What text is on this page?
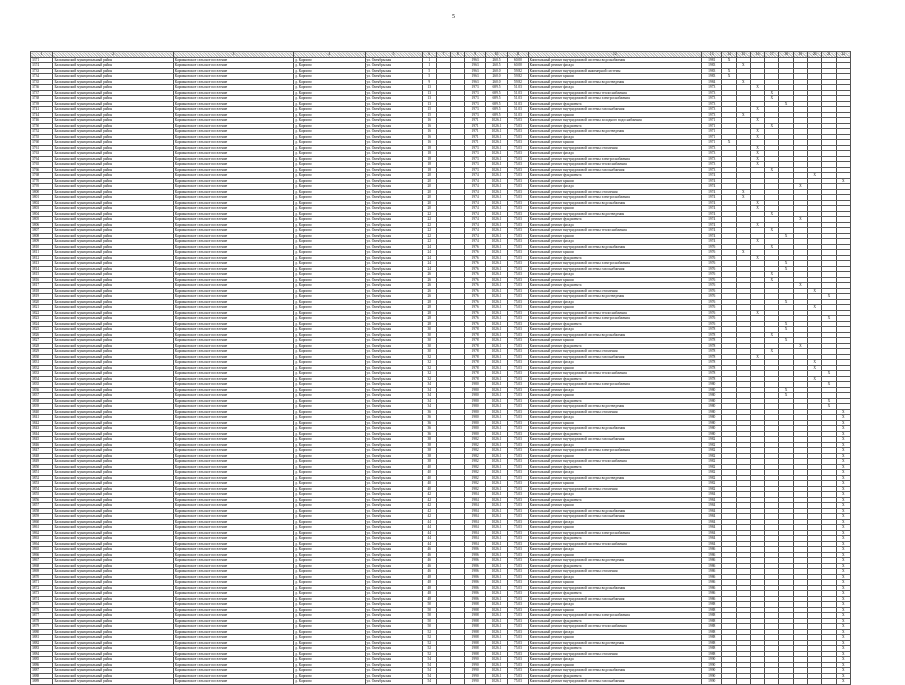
5
1	2	3	4	5	6	7	8	9	10	11	12	13	14	15	16	17	18	19	20	21	22
3371	Балахнинский муниципальный район	Кармановское сельское поселение	д. Карпово	ул. Октябрьская	1			1963	260.5	60.00	Капитальный ремонт внутридомовой системы водоснабжения	1981	X								
3374	Балахнинский муниципальный район	Кармановское сельское поселение	д. Карпово	ул. Октябрьская	1			1963	260.5	60.00	Капитальный ремонт фасада	1983		X							
3733	Балахнинский муниципальный район	Кармановское сельское поселение	д. Карпово	ул. Октябрьская	5			1963	260.0	59.82	Капитальный ремонт внутридомовой инженерной системы	1983	X								
3734	Балахнинский муниципальный район	Кармановское сельское поселение	д. Карпово	ул. Октябрьская	5			1963	260.0	59.82	Капитальный ремонт крыши	1983	X								
3735	Балахнинский муниципальный район	Кармановское сельское поселение	д. Карпово	ул. Октябрьская	9			1963	260.0	59.82	Капитальный ремонт внутридомовой системы водоотведения	1984		X							
3736	Балахнинский муниципальный район	Кармановское сельское поселение	д. Карпово	ул. Октябрьская	13			1973	689.5	51.03	Капитальный ремонт фасада	1973			X						
3737	Балахнинский муниципальный район	Кармановское сельское поселение	д. Карпово	ул. Октябрьская	13			1973	689.5	51.03	Капитальный ремонт внутридомовой системы теплоснабжения	1973				X					
3738	Балахнинский муниципальный район	Кармановское сельское поселение	д. Карпово	ул. Октябрьская	13			1973	689.5	51.03	Капитальный ремонт внутридомовой системы электроснабжения	1973				X					
3739	Балахнинский муниципальный район	Кармановское сельское поселение	д. Карпово	ул. Октябрьская	13			1973	689.5	51.03	Капитальный ремонт фундамента	1973					X				
3741	Балахнинский муниципальный район	Кармановское сельское поселение	д. Карпово	ул. Октябрьская	15			1973	689.5	51.03	Капитальный ремонт внутридомовой системы газоснабжения	1973			X						
3744	Балахнинский муниципальный район	Кармановское сельское поселение	д. Карпово	ул. Октябрьская	15			1973	689.5	51.03	Капитальный ремонт крыши	1973		X							
3746	Балахнинский муниципальный район	Кармановское сельское поселение	д. Карпово	ул. Октябрьская	16			1971	1026.1	75.03	Капитальный ремонт внутридомовой системы холодного водоснабжения	1971			X						
3750	Балахнинский муниципальный район	Кармановское сельское поселение	д. Карпово	ул. Октябрьская	16			1971	1026.1	75.03	Капитальный ремонт фундамента	1971				X					
3752	Балахнинский муниципальный район	Кармановское сельское поселение	д. Карпово	ул. Октябрьская	16			1971	1026.1	75.03	Капитальный ремонт внутридомовой системы водоотведения	1971			X						
3755	Балахнинский муниципальный район	Кармановское сельское поселение	д. Карпово	ул. Октябрьская	16			1971	1026.1	75.03	Капитальный ремонт фасада	1971			X						
3760	Балахнинский муниципальный район	Кармановское сельское поселение	д. Карпово	ул. Октябрьская	16			1971	1026.1	75.03	Капитальный ремонт крыши	1971	X								
3761	Балахнинский муниципальный район	Кармановское сельское поселение	д. Карпово	ул. Октябрьская	18			1973	1026.1	75.03	Капитальный ремонт внутридомовой системы отопления	1973			X						
3763	Балахнинский муниципальный район	Кармановское сельское поселение	д. Карпово	ул. Октябрьская	18			1973	1026.1	75.03	Капитальный ремонт фасада	1973			X						
3764	Балахнинский муниципальный район	Кармановское сельское поселение	д. Карпово	ул. Октябрьская	18			1973	1026.1	75.03	Капитальный ремонт внутридомовой системы электроснабжения	1973			X						
3765	Балахнинский муниципальный район	Кармановское сельское поселение	д. Карпово	ул. Октябрьская	18			1973	1026.1	75.03	Капитальный ремонт внутридомовой системы теплоснабжения	1973			X						
3766	Балахнинский муниципальный район	Кармановское сельское поселение	д. Карпово	ул. Октябрьская	18			1973	1026.1	75.03	Капитальный ремонт внутридомовой системы газоснабжения	1973				X					
3768	Балахнинский муниципальный район	Кармановское сельское поселение	д. Карпово	ул. Октябрьская	20			1974	1026.1	75.03	Капитальный ремонт фундамента	1974							X		
3770	Балахнинский муниципальный район	Кармановское сельское поселение	д. Карпово	ул. Октябрьская	20			1974	1026.1	75.03	Капитальный ремонт крыши	1974									X
3795	Балахнинский муниципальный район	Кармановское сельское поселение	д. Карпово	ул. Октябрьская	20			1974	1026.1	75.03	Капитальный ремонт фасада	1974						X			
3800	Балахнинский муниципальный район	Кармановское сельское поселение	д. Карпово	ул. Октябрьская	20			1974	1026.1	75.03	Капитальный ремонт внутридомовой системы отопления	1974		X							
3801	Балахнинский муниципальный район	Кармановское сельское поселение	д. Карпово	ул. Октябрьская	20			1974	1026.1	75.03	Капитальный ремонт внутридомовой системы электроснабжения	1974		X							
3802	Балахнинский муниципальный район	Кармановское сельское поселение	д. Карпово	ул. Октябрьская	20			1974	1026.1	75.03	Капитальный ремонт внутридомовой системы водоснабжения	1974			X						
3803	Балахнинский муниципальный район	Кармановское сельское поселение	д. Карпово	ул. Октябрьская	20			1974	1026.1	75.03	Капитальный ремонт крыши	1974			X						
3804	Балахнинский муниципальный район	Кармановское сельское поселение	д. Карпово	ул. Октябрьская	22			1974	1026.1	75.03	Капитальный ремонт внутридомовой системы водоотведения	1974				X					
3805	Балахнинский муниципальный район	Кармановское сельское поселение	д. Карпово	ул. Октябрьская	22			1974	1026.1	75.03	Капитальный ремонт фундамента	1974						X			
3806	Балахнинский муниципальный район	Кармановское сельское поселение	д. Карпово	ул. Октябрьская	22			1974	1026.1	75.03	Капитальный ремонт фасада	1974			X						
3807	Балахнинский муниципальный район	Кармановское сельское поселение	д. Карпово	ул. Октябрьская	22			1974	1026.1	75.03	Капитальный ремонт внутридомовой системы теплоснабжения	1974				X					
3808	Балахнинский муниципальный район	Кармановское сельское поселение	д. Карпово	ул. Октябрьская	22			1974	1026.1	75.03	Капитальный ремонт крыши	1974					X				
3809	Балахнинский муниципальный район	Кармановское сельское поселение	д. Карпово	ул. Октябрьская	22			1974	1026.1	75.03	Капитальный ремонт фасада	1974			X						
3810	Балахнинский муниципальный район	Кармановское сельское поселение	д. Карпово	ул. Октябрьская	24			1976	1026.1	75.03	Капитальный ремонт внутридомовой системы водоснабжения	1976				X					
3811	Балахнинский муниципальный район	Кармановское сельское поселение	д. Карпово	ул. Октябрьская	24			1976	1026.1	75.03	Капитальный ремонт крыши	1976		X							
3812	Балахнинский муниципальный район	Кармановское сельское поселение	д. Карпово	ул. Октябрьская	24			1976	1026.1	75.03	Капитальный ремонт фундамента	1976			X						
3813	Балахнинский муниципальный район	Кармановское сельское поселение	д. Карпово	ул. Октябрьская	24			1976	1026.1	75.03	Капитальный ремонт внутридомовой системы электроснабжения	1976					X				
3814	Балахнинский муниципальный район	Кармановское сельское поселение	д. Карпово	ул. Октябрьская	24			1976	1026.1	75.03	Капитальный ремонт внутридомовой системы газоснабжения	1976					X				
3815	Балахнинский муниципальный район	Кармановское сельское поселение	д. Карпово	ул. Октябрьская	26			1976	1026.1	75.03	Капитальный ремонт фасада	1976				X					
3816	Балахнинский муниципальный район	Кармановское сельское поселение	д. Карпово	ул. Октябрьская	26			1976	1026.1	75.03	Капитальный ремонт крыши	1976				X					
3817	Балахнинский муниципальный район	Кармановское сельское поселение	д. Карпово	ул. Октябрьская	26			1976	1026.1	75.03	Капитальный ремонт фундамента	1976						X			
3818	Балахнинский муниципальный район	Кармановское сельское поселение	д. Карпово	ул. Октябрьская	26			1976	1026.1	75.03	Капитальный ремонт внутридомовой системы отопления	1976							X		
3819	Балахнинский муниципальный район	Кармановское сельское поселение	д. Карпово	ул. Октябрьская	26			1976	1026.1	75.03	Капитальный ремонт внутридомовой системы водоотведения	1976								X	
3820	Балахнинский муниципальный район	Кармановское сельское поселение	д. Карпово	ул. Октябрьская	28			1976	1026.1	75.03	Капитальный ремонт фасада	1976					X				
3821	Балахнинский муниципальный район	Кармановское сельское поселение	д. Карпово	ул. Октябрьская	28			1976	1026.1	75.03	Капитальный ремонт крыши	1976							X		
3822	Балахнинский муниципальный район	Кармановское сельское поселение	д. Карпово	ул. Октябрьская	28			1976	1026.1	75.03	Капитальный ремонт внутридомовой системы теплоснабжения	1976			X						
3823	Балахнинский муниципальный район	Кармановское сельское поселение	д. Карпово	ул. Октябрьская	28			1976	1026.1	75.03	Капитальный ремонт внутридомовой системы электроснабжения	1976								X	
3824	Балахнинский муниципальный район	Кармановское сельское поселение	д. Карпово	ул. Октябрьская	28			1976	1026.1	75.03	Капитальный ремонт фундамента	1976					X				
3825	Балахнинский муниципальный район	Кармановское сельское поселение	д. Карпово	ул. Октябрьская	30			1978	1026.1	75.03	Капитальный ремонт фасада	1978					X				
3826	Балахнинский муниципальный район	Кармановское сельское поселение	д. Карпово	ул. Октябрьская	30			1978	1026.1	75.03	Капитальный ремонт внутридомовой системы водоснабжения	1978				X					
3827	Балахнинский муниципальный район	Кармановское сельское поселение	д. Карпово	ул. Октябрьская	30			1978	1026.1	75.03	Капитальный ремонт крыши	1978					X				
3828	Балахнинский муниципальный район	Кармановское сельское поселение	д. Карпово	ул. Октябрьская	30			1978	1026.1	75.03	Капитальный ремонт фундамента	1978						X			
3829	Балахнинский муниципальный район	Кармановское сельское поселение	д. Карпово	ул. Октябрьская	30			1978	1026.1	75.03	Капитальный ремонт внутридомовой системы отопления	1978				X					
3830	Балахнинский муниципальный район	Кармановское сельское поселение	д. Карпово	ул. Октябрьская	32			1978	1026.1	75.03	Капитальный ремонт внутридомовой системы газоснабжения	1978			X						
3831	Балахнинский муниципальный район	Кармановское сельское поселение	д. Карпово	ул. Октябрьская	32			1978	1026.1	75.03	Капитальный ремонт фасада	1978							X		
3832	Балахнинский муниципальный район	Кармановское сельское поселение	д. Карпово	ул. Октябрьская	32			1978	1026.1	75.03	Капитальный ремонт крыши	1978							X		
3833	Балахнинский муниципальный район	Кармановское сельское поселение	д. Карпово	ул. Октябрьская	32			1978	1026.1	75.03	Капитальный ремонт внутридомовой системы теплоснабжения	1978								X	
3834	Балахнинский муниципальный район	Кармановское сельское поселение	д. Карпово	ул. Октябрьская	32			1978	1026.1	75.03	Капитальный ремонт фундамента	1978							X		
3835	Балахнинский муниципальный район	Кармановское сельское поселение	д. Карпово	ул. Октябрьская	34			1980	1026.1	75.03	Капитальный ремонт внутридомовой системы электроснабжения	1980								X	
3836	Балахнинский муниципальный район	Кармановское сельское поселение	д. Карпово	ул. Октябрьская	34			1980	1026.1	75.03	Капитальный ремонт фасада	1980					X				
3837	Балахнинский муниципальный район	Кармановское сельское поселение	д. Карпово	ул. Октябрьская	34			1980	1026.1	75.03	Капитальный ремонт крыши	1980					X				
3838	Балахнинский муниципальный район	Кармановское сельское поселение	д. Карпово	ул. Октябрьская	34			1980	1026.1	75.03	Капитальный ремонт фундамента	1980								X	
3839	Балахнинский муниципальный район	Кармановское сельское поселение	д. Карпово	ул. Октябрьская	34			1980	1026.1	75.03	Капитальный ремонт внутридомовой системы водоотведения	1980								X	
3840	Балахнинский муниципальный район	Кармановское сельское поселение	д. Карпово	ул. Октябрьская	36			1980	1026.1	75.03	Капитальный ремонт внутридомовой системы отопления	1980									X
3841	Балахнинский муниципальный район	Кармановское сельское поселение	д. Карпово	ул. Октябрьская	36			1980	1026.1	75.03	Капитальный ремонт фасада	1980									X
3842	Балахнинский муниципальный район	Кармановское сельское поселение	д. Карпово	ул. Октябрьская	36			1980	1026.1	75.03	Капитальный ремонт крыши	1980									X
3843	Балахнинский муниципальный район	Кармановское сельское поселение	д. Карпово	ул. Октябрьская	36			1980	1026.1	75.03	Капитальный ремонт внутридомовой системы водоснабжения	1980									X
3844	Балахнинский муниципальный район	Кармановское сельское поселение	д. Карпово	ул. Октябрьская	36			1980	1026.1	75.03	Капитальный ремонт фундамента	1980									X
3845	Балахнинский муниципальный район	Кармановское сельское поселение	д. Карпово	ул. Октябрьская	38			1982	1026.1	75.03	Капитальный ремонт внутридомовой системы газоснабжения	1982									X
3846	Балахнинский муниципальный район	Кармановское сельское поселение	д. Карпово	ул. Октябрьская	38			1982	1026.1	75.03	Капитальный ремонт фасада	1982									X
3847	Балахнинский муниципальный район	Кармановское сельское поселение	д. Карпово	ул. Октябрьская	38			1982	1026.1	75.03	Капитальный ремонт внутридомовой системы электроснабжения	1982									X
3848	Балахнинский муниципальный район	Кармановское сельское поселение	д. Карпово	ул. Октябрьская	38			1982	1026.1	75.03	Капитальный ремонт крыши	1982									X
3849	Балахнинский муниципальный район	Кармановское сельское поселение	д. Карпово	ул. Октябрьская	38			1982	1026.1	75.03	Капитальный ремонт внутридомовой системы теплоснабжения	1982									X
3850	Балахнинский муниципальный район	Кармановское сельское поселение	д. Карпово	ул. Октябрьская	40			1982	1026.1	75.03	Капитальный ремонт фундамента	1982									X
3851	Балахнинский муниципальный район	Кармановское сельское поселение	д. Карпово	ул. Октябрьская	40			1982	1026.1	75.03	Капитальный ремонт фасада	1982									X
3852	Балахнинский муниципальный район	Кармановское сельское поселение	д. Карпово	ул. Октябрьская	40			1982	1026.1	75.03	Капитальный ремонт внутридомовой системы водоотведения	1982									X
3853	Балахнинский муниципальный район	Кармановское сельское поселение	д. Карпово	ул. Октябрьская	40			1982	1026.1	75.03	Капитальный ремонт крыши	1982									X
3854	Балахнинский муниципальный район	Кармановское сельское поселение	д. Карпово	ул. Октябрьская	40			1982	1026.1	75.03	Капитальный ремонт внутридомовой системы отопления	1982									X
3855	Балахнинский муниципальный район	Кармановское сельское поселение	д. Карпово	ул. Октябрьская	42			1984	1026.1	75.03	Капитальный ремонт фасада	1984									X
3856	Балахнинский муниципальный район	Кармановское сельское поселение	д. Карпово	ул. Октябрьская	42			1984	1026.1	75.03	Капитальный ремонт фундамента	1984									X
3857	Балахнинский муниципальный район	Кармановское сельское поселение	д. Карпово	ул. Октябрьская	42			1984	1026.1	75.03	Капитальный ремонт крыши	1984									X
3858	Балахнинский муниципальный район	Кармановское сельское поселение	д. Карпово	ул. Октябрьская	42			1984	1026.1	75.03	Капитальный ремонт внутридомовой системы водоснабжения	1984									X
3859	Балахнинский муниципальный район	Кармановское сельское поселение	д. Карпово	ул. Октябрьская	42			1984	1026.1	75.03	Капитальный ремонт внутридомовой системы газоснабжения	1984									X
3860	Балахнинский муниципальный район	Кармановское сельское поселение	д. Карпово	ул. Октябрьская	44			1984	1026.1	75.03	Капитальный ремонт фасада	1984									X
3861	Балахнинский муниципальный район	Кармановское сельское поселение	д. Карпово	ул. Октябрьская	44			1984	1026.1	75.03	Капитальный ремонт крыши	1984									X
3862	Балахнинский муниципальный район	Кармановское сельское поселение	д. Карпово	ул. Октябрьская	44			1984	1026.1	75.03	Капитальный ремонт внутридомовой системы электроснабжения	1984									X
3863	Балахнинский муниципальный район	Кармановское сельское поселение	д. Карпово	ул. Октябрьская	44			1984	1026.1	75.03	Капитальный ремонт фундамента	1984									X
3864	Балахнинский муниципальный район	Кармановское сельское поселение	д. Карпово	ул. Октябрьская	44			1984	1026.1	75.03	Капитальный ремонт внутридомовой системы теплоснабжения	1984									X
3865	Балахнинский муниципальный район	Кармановское сельское поселение	д. Карпово	ул. Октябрьская	46			1986	1026.1	75.03	Капитальный ремонт фасада	1986									X
3866	Балахнинский муниципальный район	Кармановское сельское поселение	д. Карпово	ул. Октябрьская	46			1986	1026.1	75.03	Капитальный ремонт крыши	1986									X
3867	Балахнинский муниципальный район	Кармановское сельское поселение	д. Карпово	ул. Октябрьская	46			1986	1026.1	75.03	Капитальный ремонт внутридомовой системы водоотведения	1986									X
3868	Балахнинский муниципальный район	Кармановское сельское поселение	д. Карпово	ул. Октябрьская	46			1986	1026.1	75.03	Капитальный ремонт фундамента	1986									X
3869	Балахнинский муниципальный район	Кармановское сельское поселение	д. Карпово	ул. Октябрьская	46			1986	1026.1	75.03	Капитальный ремонт внутридомовой системы отопления	1986									X
3870	Балахнинский муниципальный район	Кармановское сельское поселение	д. Карпово	ул. Октябрьская	48			1986	1026.1	75.03	Капитальный ремонт фасада	1986									X
3871	Балахнинский муниципальный район	Кармановское сельское поселение	д. Карпово	ул. Октябрьская	48			1986	1026.1	75.03	Капитальный ремонт крыши	1986									X
3872	Балахнинский муниципальный район	Кармановское сельское поселение	д. Карпово	ул. Октябрьская	48			1986	1026.1	75.03	Капитальный ремонт внутридомовой системы водоснабжения	1986									X
3873	Балахнинский муниципальный район	Кармановское сельское поселение	д. Карпово	ул. Октябрьская	48			1986	1026.1	75.03	Капитальный ремонт фундамента	1986									X
3874	Балахнинский муниципальный район	Кармановское сельское поселение	д. Карпово	ул. Октябрьская	48			1986	1026.1	75.03	Капитальный ремонт внутридомовой системы газоснабжения	1986									X
3875	Балахнинский муниципальный район	Кармановское сельское поселение	д. Карпово	ул. Октябрьская	50			1988	1026.1	75.03	Капитальный ремонт фасада	1988									X
3876	Балахнинский муниципальный район	Кармановское сельское поселение	д. Карпово	ул. Октябрьская	50			1988	1026.1	75.03	Капитальный ремонт крыши	1988									X
3877	Балахнинский муниципальный район	Кармановское сельское поселение	д. Карпово	ул. Октябрьская	50			1988	1026.1	75.03	Капитальный ремонт внутридомовой системы электроснабжения	1988									X
3878	Балахнинский муниципальный район	Кармановское сельское поселение	д. Карпово	ул. Октябрьская	50			1988	1026.1	75.03	Капитальный ремонт фундамента	1988									X
3879	Балахнинский муниципальный район	Кармановское сельское поселение	д. Карпово	ул. Октябрьская	50			1988	1026.1	75.03	Капитальный ремонт внутридомовой системы теплоснабжения	1988									X
3880	Балахнинский муниципальный район	Кармановское сельское поселение	д. Карпово	ул. Октябрьская	52			1988	1026.1	75.03	Капитальный ремонт фасада	1988									X
3881	Балахнинский муниципальный район	Кармановское сельское поселение	д. Карпово	ул. Октябрьская	52			1988	1026.1	75.03	Капитальный ремонт крыши	1988									X
3882	Балахнинский муниципальный район	Кармановское сельское поселение	д. Карпово	ул. Октябрьская	52			1988	1026.1	75.03	Капитальный ремонт внутридомовой системы водоотведения	1988									X
3883	Балахнинский муниципальный район	Кармановское сельское поселение	д. Карпово	ул. Октябрьская	52			1988	1026.1	75.03	Капитальный ремонт фундамента	1988									X
3884	Балахнинский муниципальный район	Кармановское сельское поселение	д. Карпово	ул. Октябрьская	52			1988	1026.1	75.03	Капитальный ремонт внутридомовой системы отопления	1988									X
3885	Балахнинский муниципальный район	Кармановское сельское поселение	д. Карпово	ул. Октябрьская	54			1990	1026.1	75.03	Капитальный ремонт фасада	1990									X
3886	Балахнинский муниципальный район	Кармановское сельское поселение	д. Карпово	ул. Октябрьская	54			1990	1026.1	75.03	Капитальный ремонт крыши	1990									X
3887	Балахнинский муниципальный район	Кармановское сельское поселение	д. Карпово	ул. Октябрьская	54			1990	1026.1	75.03	Капитальный ремонт внутридомовой системы водоснабжения	1990									X
3888	Балахнинский муниципальный район	Кармановское сельское поселение	д. Карпово	ул. Октябрьская	54			1990	1026.1	75.03	Капитальный ремонт фундамента	1990									X
3889	Балахнинский муниципальный район	Кармановское сельское поселение	д. Карпово	ул. Октябрьская	54			1990	1026.1	75.03	Капитальный ремонт внутридомовой системы газоснабжения	1990									X
